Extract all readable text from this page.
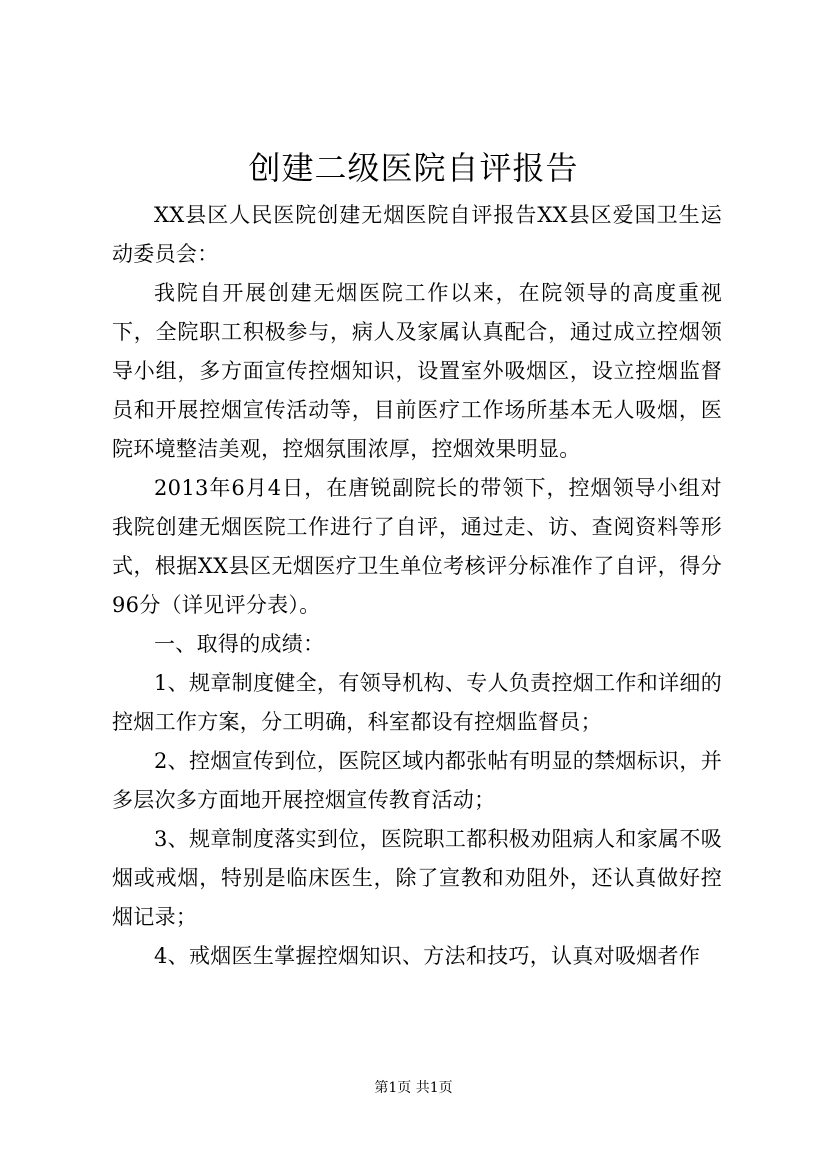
创建二级医院自评报告

XX县区人民医院创建无烟医院自评报告XX县区爱国卫生运动委员会：

我院自开展创建无烟医院工作以来，在院领导的高度重视下，全院职工积极参与，病人及家属认真配合，通过成立控烟领导小组，多方面宣传控烟知识，设置室外吸烟区，设立控烟监督员和开展控烟宣传活动等，目前医疗工作场所基本无人吸烟，医院环境整洁美观，控烟氛围浓厚，控烟效果明显。

2013年6月4日，在唐锐副院长的带领下，控烟领导小组对我院创建无烟医院工作进行了自评，通过走、访、查阅资料等形式，根据XX县区无烟医疗卫生单位考核评分标准作了自评，得分96分（详见评分表）。

一、取得的成绩：

1、规章制度健全，有领导机构、专人负责控烟工作和详细的控烟工作方案，分工明确，科室都设有控烟监督员；

2、控烟宣传到位，医院区域内都张帖有明显的禁烟标识，并多层次多方面地开展控烟宣传教育活动；

3、规章制度落实到位，医院职工都积极劝阻病人和家属不吸烟或戒烟，特别是临床医生，除了宣教和劝阻外，还认真做好控烟记录；

4、戒烟医生掌握控烟知识、方法和技巧，认真对吸烟者作

第1页 共1页
